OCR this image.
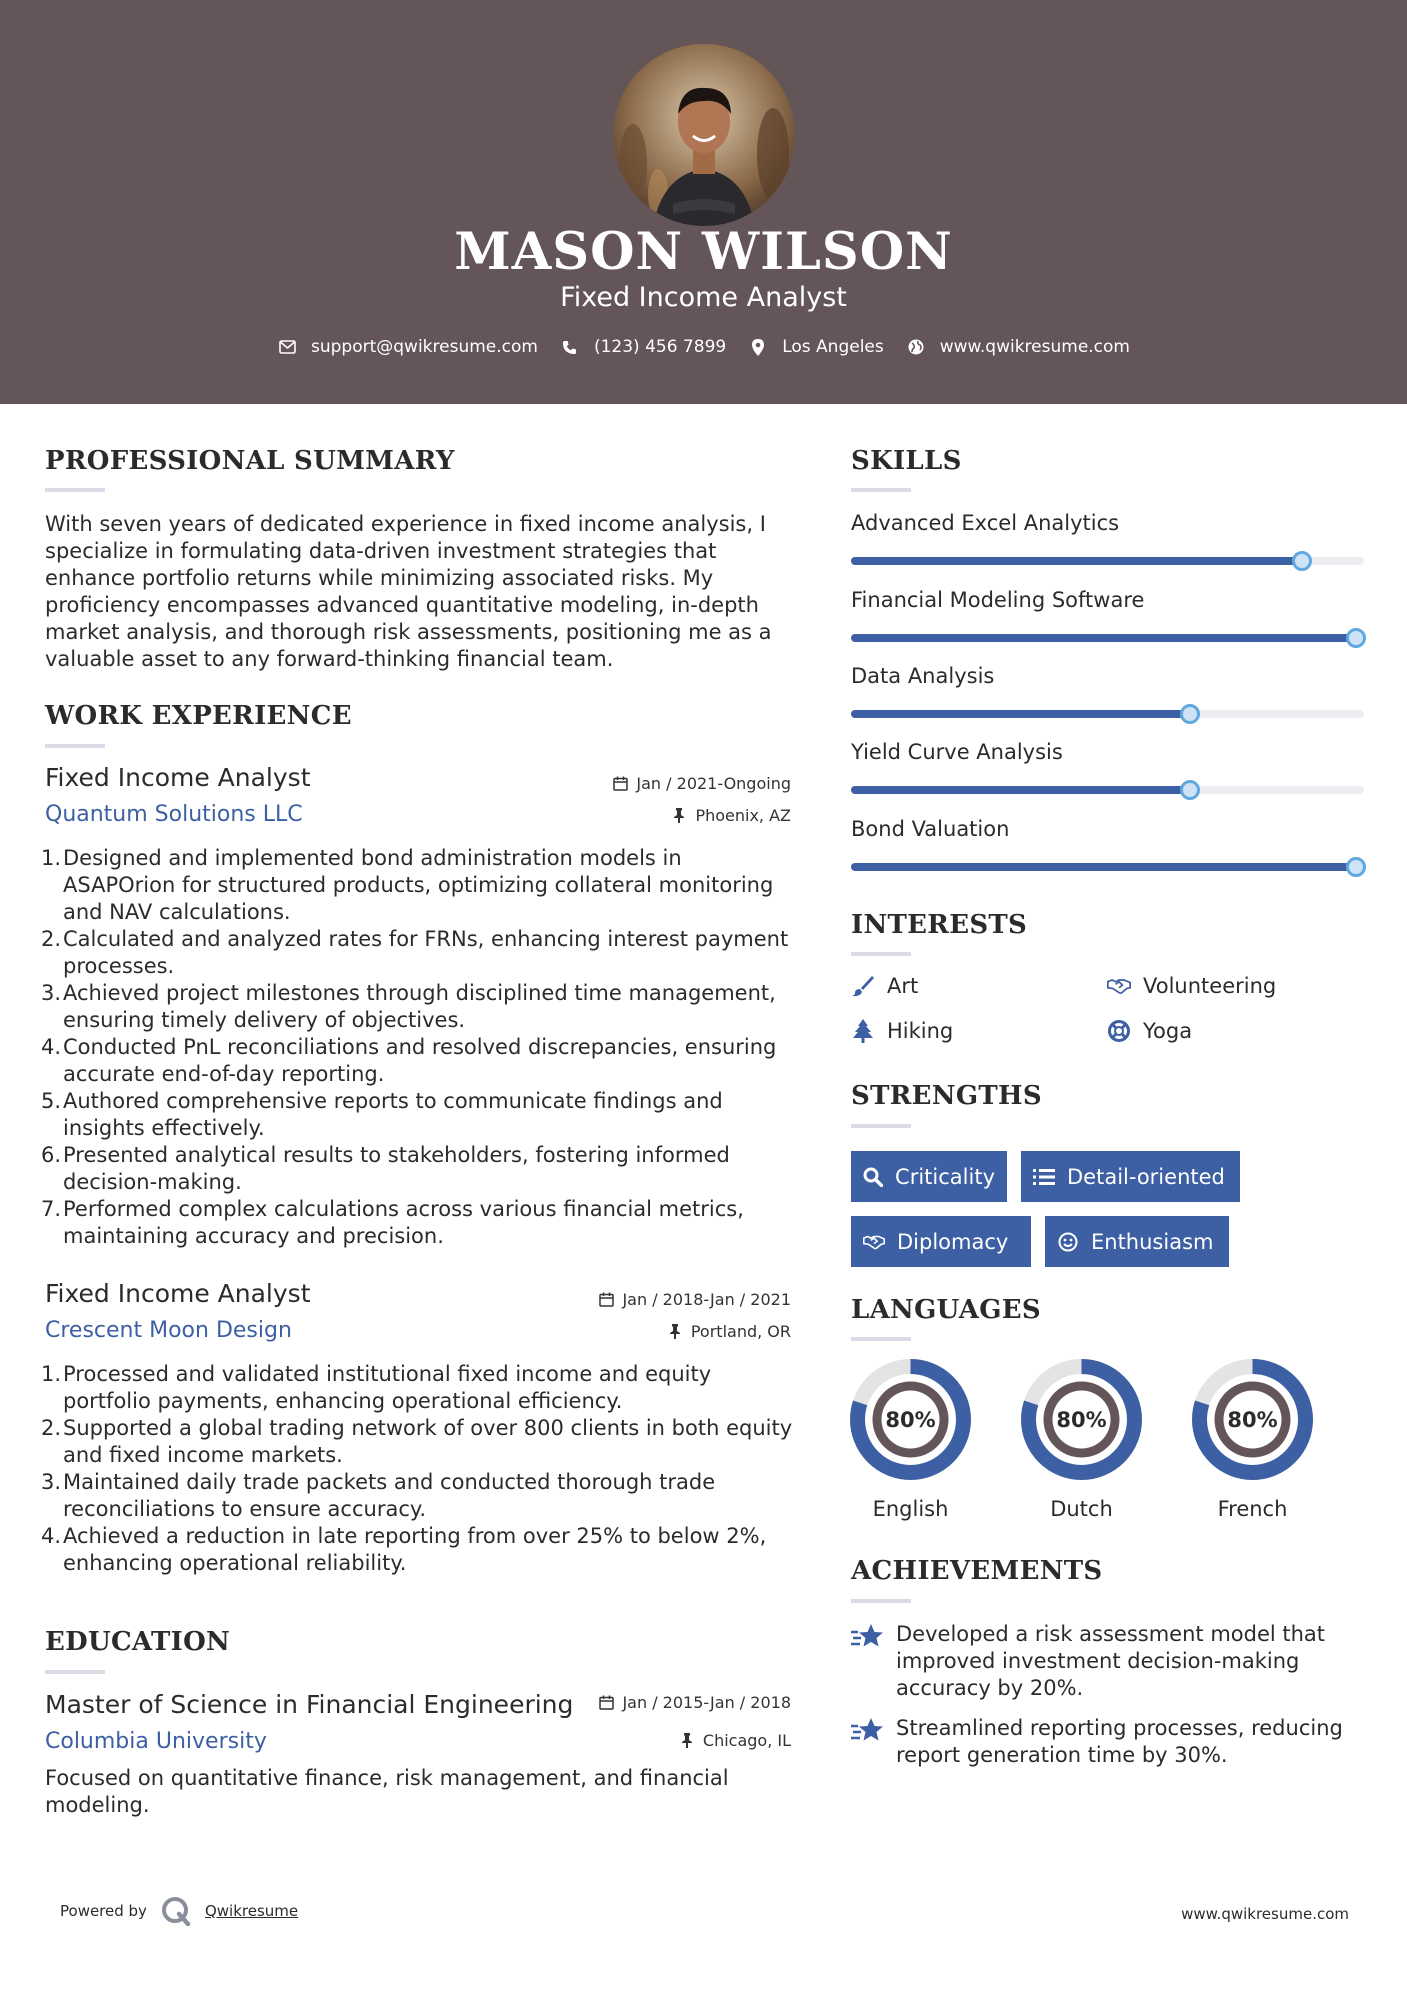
MASON WILSON
Fixed Income Analyst
support@qwikresume.com	(123) 456 7899	Los Angeles	www.qwikresume.com
PROFESSIONAL SUMMARY
With seven years of dedicated experience in fixed income analysis, I
specialize in formulating data-driven investment strategies that
enhance portfolio returns while minimizing associated risks. My
proficiency encompasses advanced quantitative modeling, in-depth
market analysis, and thorough risk assessments, positioning me as a
valuable asset to any forward-thinking financial team.
WORK EXPERIENCE
Fixed Income Analyst	Jan / 2021-Ongoing
Quantum Solutions LLC	Phoenix, AZ
1. Designed and implemented bond administration models in
ASAPOrion for structured products, optimizing collateral monitoring
and NAV calculations.
2. Calculated and analyzed rates for FRNs, enhancing interest payment
processes.
3. Achieved project milestones through disciplined time management,
ensuring timely delivery of objectives.
4. Conducted PnL reconciliations and resolved discrepancies, ensuring
accurate end-of-day reporting.
5. Authored comprehensive reports to communicate findings and
insights effectively.
6. Presented analytical results to stakeholders, fostering informed
decision-making.
7. Performed complex calculations across various financial metrics,
maintaining accuracy and precision.
Fixed Income Analyst	Jan / 2018-Jan / 2021
Crescent Moon Design	Portland, OR
1. Processed and validated institutional fixed income and equity
portfolio payments, enhancing operational efficiency.
2. Supported a global trading network of over 800 clients in both equity
and fixed income markets.
3. Maintained daily trade packets and conducted thorough trade
reconciliations to ensure accuracy.
4. Achieved a reduction in late reporting from over 25% to below 2%,
enhancing operational reliability.
EDUCATION
Master of Science in Financial Engineering	Jan / 2015-Jan / 2018
Columbia University	Chicago, IL
Focused on quantitative finance, risk management, and financial
modeling.
SKILLS
Advanced Excel Analytics
Financial Modeling Software
Data Analysis
Yield Curve Analysis
Bond Valuation
INTERESTS
Art	Volunteering
Hiking	Yoga
STRENGTHS
Criticality	Detail-oriented
Diplomacy	Enthusiasm
LANGUAGES
80%
English
80%
Dutch
80%
French
ACHIEVEMENTS
Developed a risk assessment model that
improved investment decision-making
accuracy by 20%.
Streamlined reporting processes, reducing
report generation time by 30%.
Powered by	Qwikresume	www.qwikresume.com
